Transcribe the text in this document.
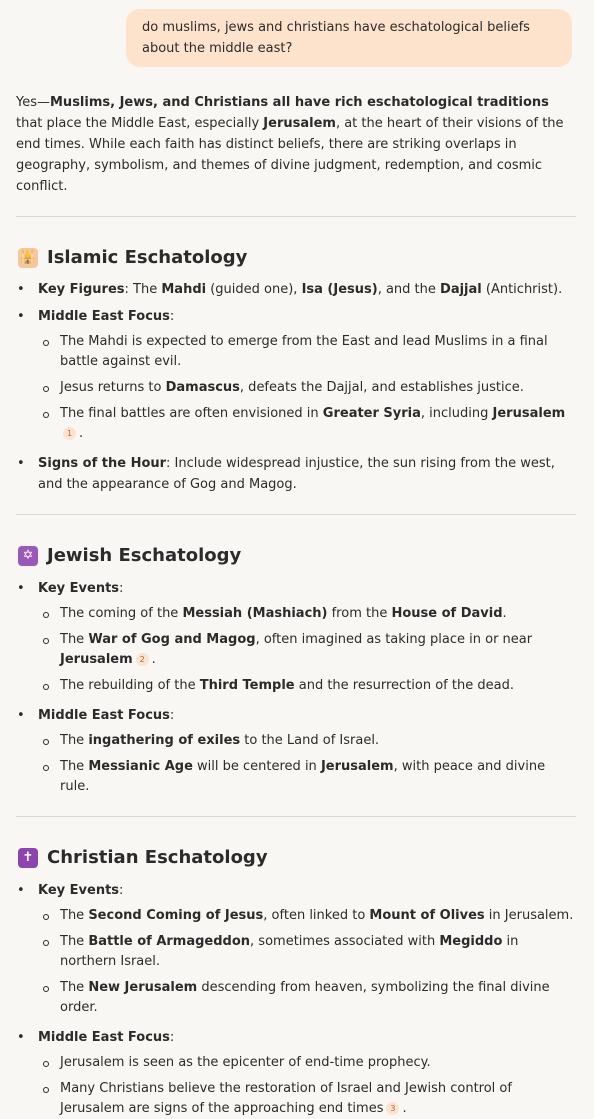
do muslims, jews and christians have eschatological beliefs about the middle east?

Yes—Muslims, Jews, and Christians all have rich eschatological traditions that place the Middle East, especially Jerusalem, at the heart of their visions of the end times. While each faith has distinct beliefs, there are striking overlaps in geography, symbolism, and themes of divine judgment, redemption, and cosmic conflict.

🕌 Islamic Eschatology
• Key Figures: The Mahdi (guided one), Isa (Jesus), and the Dajjal (Antichrist).
• Middle East Focus:
The Mahdi is expected to emerge from the East and lead Muslims in a final battle against evil.
Jesus returns to Damascus, defeats the Dajjal, and establishes justice.
The final battles are often envisioned in Greater Syria, including Jerusalem1 .
• Signs of the Hour: Include widespread injustice, the sun rising from the west, and the appearance of Gog and Magog.
✡ Jewish Eschatology
• Key Events:
The coming of the Messiah (Mashiach) from the House of David.
The War of Gog and Magog, often imagined as taking place in or near Jerusalem 2 .
The rebuilding of the Third Temple and the resurrection of the dead.
• Middle East Focus:
The ingathering of exiles to the Land of Israel.
The Messianic Age will be centered in Jerusalem, with peace and divine rule.
✝ Christian Eschatology
• Key Events:
The Second Coming of Jesus, often linked to Mount of Olives in Jerusalem.
The Battle of Armageddon, sometimes associated with Megiddo in northern Israel.
The New Jerusalem descending from heaven, symbolizing the final divine order.
• Middle East Focus:
Jerusalem is seen as the epicenter of end-time prophecy.
Many Christians believe the restoration of Israel and Jewish control of Jerusalem are signs of the approaching end times 3 .
